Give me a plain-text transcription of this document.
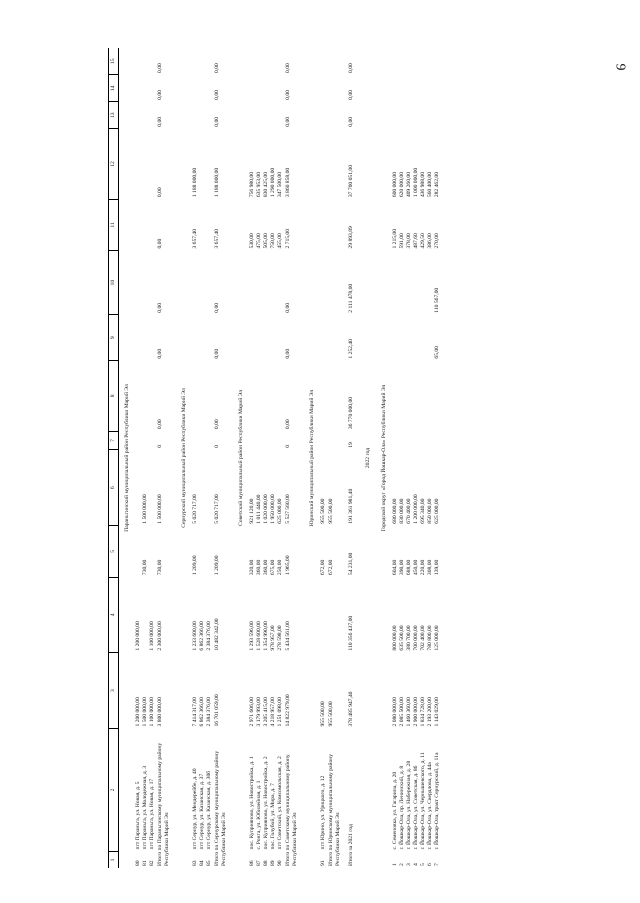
9
1	2	3	4	5	6	7	8	9	10	11	12	13	14	15
Параньгинский муниципальный район Республики Марий Эл														
80	пгт Параньга, ул. Новая, д. 5	1 200 000,00	1 200 000,00											
81	пгт Параньга, ул. Молодежная, д. 3	1 500 000,00		730,00	1 500 000,00									
82	пгт Параньга, ул. Новая, д. 17	1 100 000,00	1 100 000,00											
Итого по Параньгинскому муниципальному району Республики Марий Эл		3 800 000,00	2 300 000,00	730,00	1 500 000,00	0	0,00	0,00	0,00	0,00	0,00	0,00	0,00	0,00
Сернурский муниципальный район Республики Марий Эл														
83	пгт Сернур, ул. Мендерейбе, д. 40	7 414 317,00	1 233 600,00	1 209,00	5 020 717,00					3 657,40	1 188 000,00			
84	пгт Сернур, ул. Казанская, д. 37	6 862 366,00	6 862 366,00											
85	пгт Сернур, ул. Казанская, д. 30б	2 384 376,00	2 384 376,00											
Итого по Сернурскому муниципальному району Республики Марий Эл		16 701 059,00	10 482 342,00	1 209,00	5 020 717,00	0	0,00	0,00	0,00	3 657,40	1 188 000,00	0,00	0,00	0,00
Советский муниципальный район Республики Марий Эл														
86	пос. Куприяново, ул. Новостройка, д. 1	2 971 606,00	1 293 596,00	320,00	921 120,00					530,00	756 980,00			
87	с. Ронга, ул. Юбилейная, д. 1	3 179 993,00	1 528 600,00	360,00	1 011 440,00					475,00	635 953,00			
88	пос. Куприяново, ул. Новостройка, д. 2	3 205 415,00	1 354 990,00	360,00	1 020 000,00					505,00	830 425,00			
89	пос. Голубой, ул. Мира, д. 7	4 218 957,00	978 957,00	675,00	1 950 000,00					750,00	1 290 000,00			
90	пгт Советский, ул. Комсомольская, д. 2	1 251 098,00	278 598,00	250,00	625 000,00					455,00	347 500,00			
Итого по Советскому муниципальному району Республики Марий Эл		14 822 979,00	5 434 561,00	1 965,00	5 527 560,00	0	0,00	0,00	0,00	2 715,00	3 860 858,00	0,00	0,00	0,00
Юринский муниципальный район Республики Марий Эл														
91	пгт Юрино, ул. Урицкого, д. 12	955 500,00		672,00	955 500,00									
Итого по Юринскому муниципальному району Республики Марий Эл		955 500,00		672,00	955 500,00									
Итого за 2021 год		378 485 947,40	110 356 437,00	54 231,00	191 361 981,40	19	36 770 000,00	1 252,40	2 111 478,00	29 893,89	37 700 051,00	0,00	0,00	0,00
2022 год														
Городской округ «Город Йошкар-Ола» Республики Марий Эл														
1	с. Семеновка, ул. Гагарина, д. 20	2 080 000,00	800 000,00	604,00	680 000,00					1 215,00	600 000,00			
2	г. Йошкар-Ола, пр. Ленинский, д. 8	2 085 500,00	635 500,00	390,00	830 000,00					591,00	620 000,00			
3	г. Йошкар-Ола, ул. Набережная, д. 28	1 460 360,00	380 700,00	688,00	670 400,00					378,00	409 260,00			
4	г. Йошкар-Ола, ул. Советская, д. 86	2 900 000,00	700 000,00	450,00	1 200 000,00					487,60	1 000 000,00			
5	г. Йошкар-Ола, ул. Чернышевского, д. 11	1 834 728,00	702 400,00	220,00	695 340,00					429,50	436 988,00			
6	г. Йошкар-Ола, ул. Свердлова, д. 44а	2 193 200,00	780 800,00	308,00	850 000,00					386,00	560 400,00			
7	г. Йошкар-Ола, тракт Сернурский, д. 11а	1 143 029,00	125 000,00	139,00	625 000,00			65,00	110 567,00	270,00	282 462,00			
